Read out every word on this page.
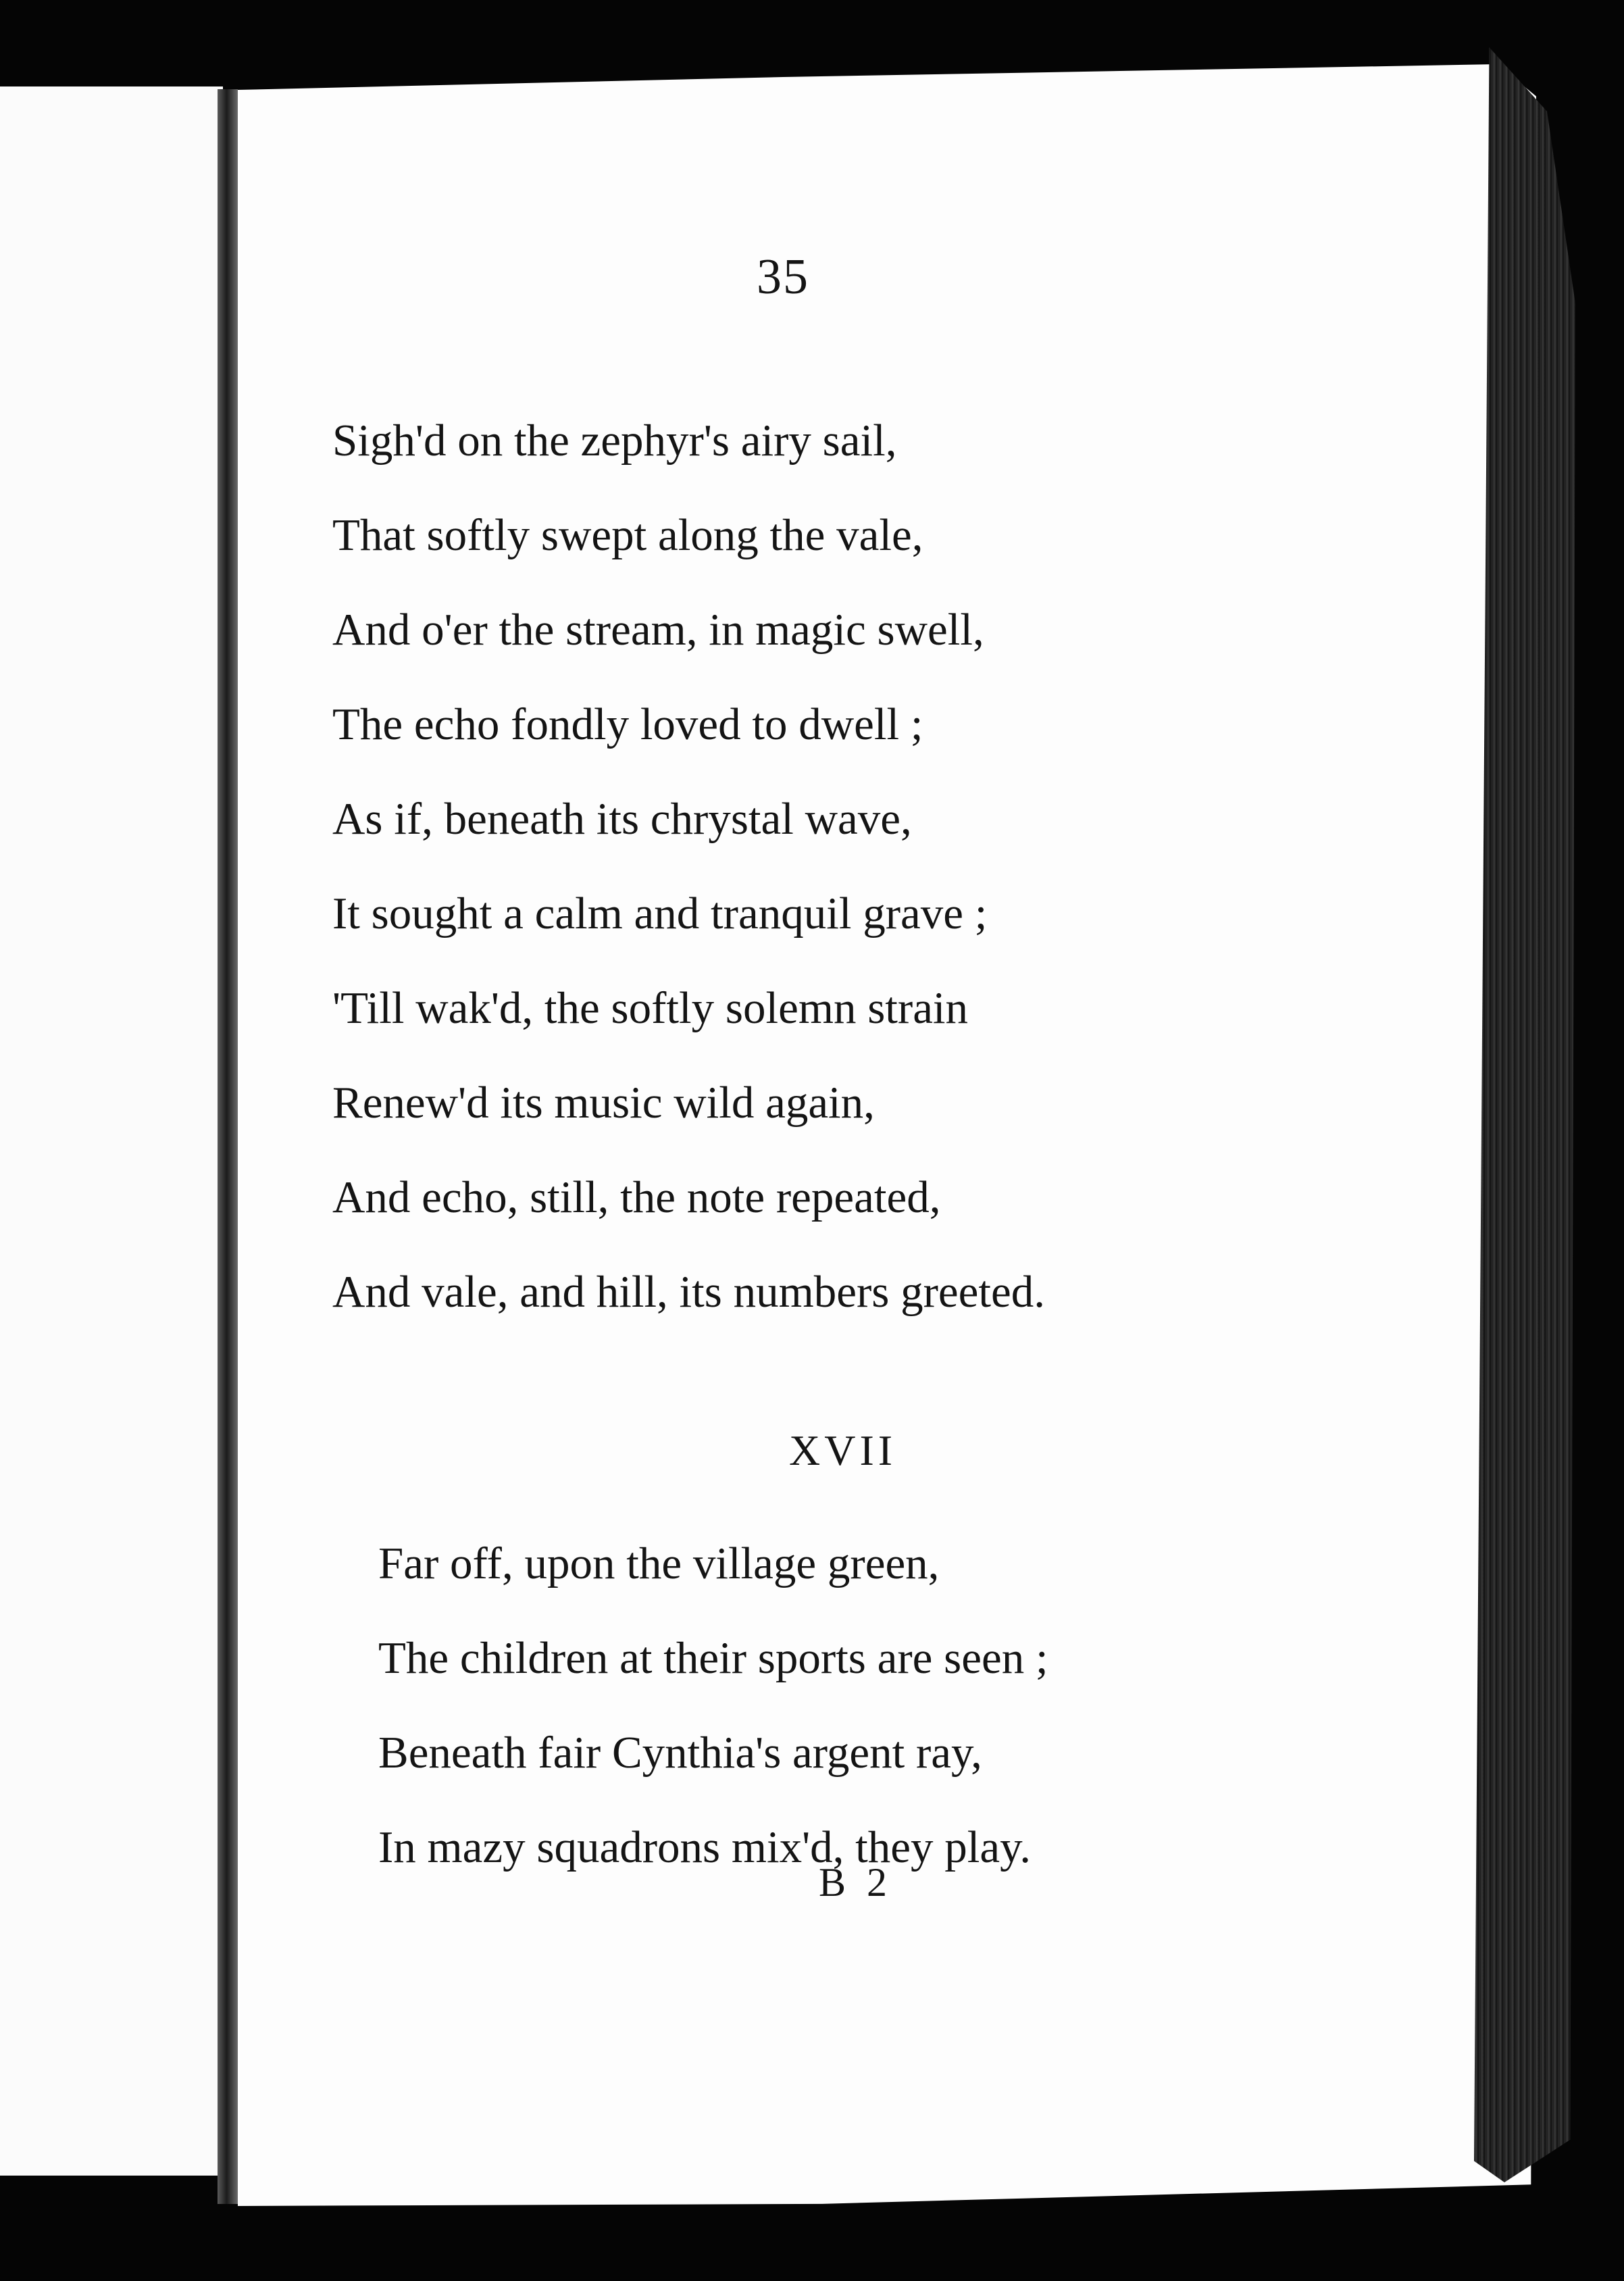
35

Sigh'd on the zephyr's airy sail,
That softly swept along the vale,
And o'er the stream, in magic swell,
The echo fondly loved to dwell ;
As if, beneath its chrystal wave,
It sought a calm and tranquil grave ;
'Till wak'd, the softly solemn strain
Renew'd its music wild again,
And echo, still, the note repeated,
And vale, and hill, its numbers greeted.
XVII
Far off, upon the village green,
The children at their sports are seen ;
Beneath fair Cynthia's argent ray,
In mazy squadrons mix'd, they play.

B 2
